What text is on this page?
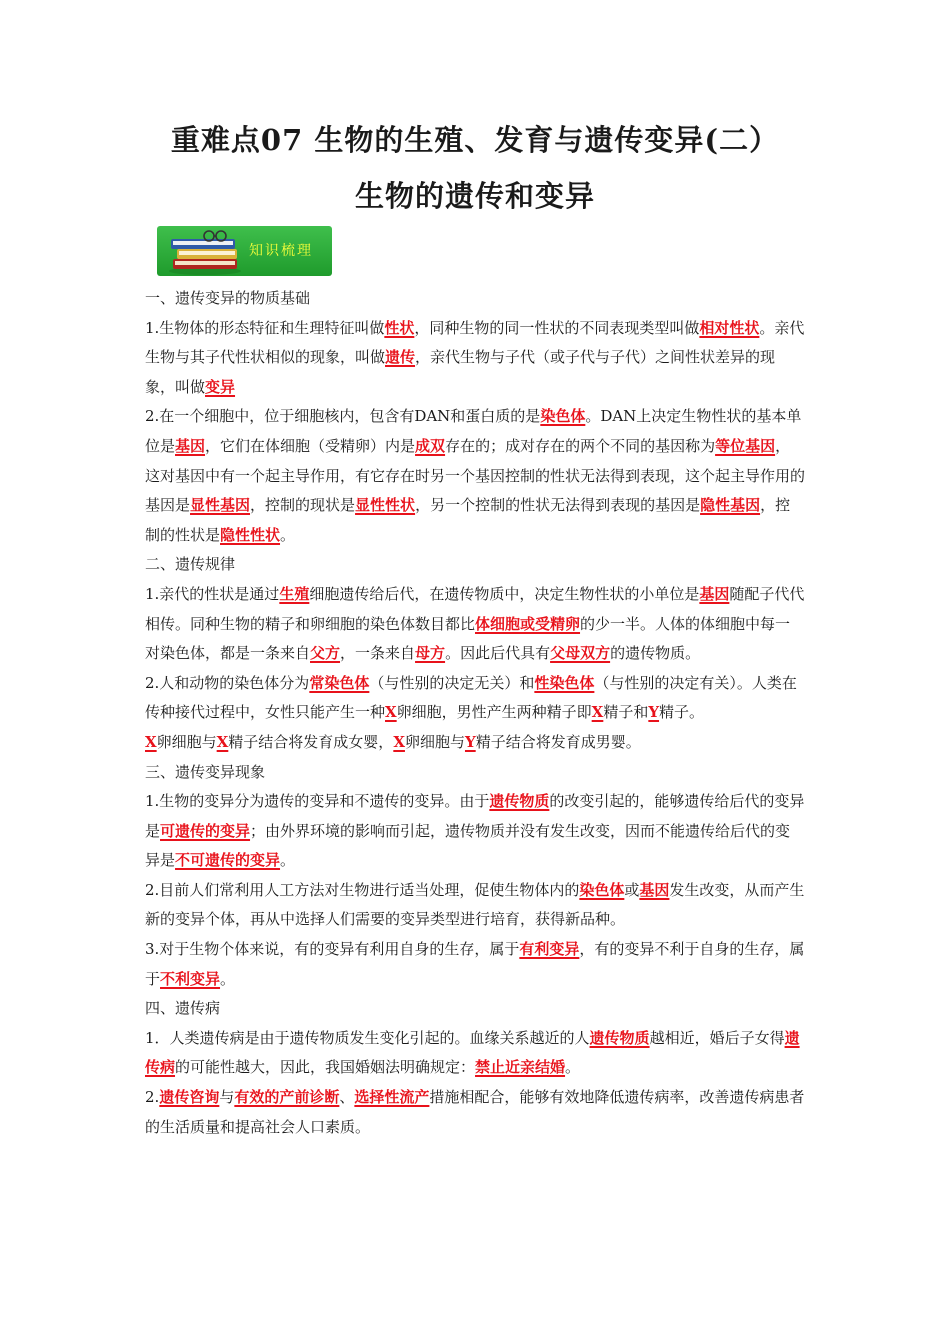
重难点07 生物的生殖、发育与遗传变异(二）
生物的遗传和变异
知识梳理

一、遗传变异的物质基础

1.生物体的形态特征和生理特征叫做性状，同种生物的同一性状的不同表现类型叫做相对性状。亲代生物与其子代性状相似的现象，叫做遗传，亲代生物与子代（或子代与子代）之间性状差异的现象，叫做变异

2.在一个细胞中，位于细胞核内，包含有DAN和蛋白质的是染色体。DAN上决定生物性状的基本单位是基因，它们在体细胞（受精卵）内是成双存在的；成对存在的两个不同的基因称为等位基因，这对基因中有一个起主导作用，有它存在时另一个基因控制的性状无法得到表现，这个起主导作用的基因是显性基因，控制的现状是显性性状，另一个控制的性状无法得到表现的基因是隐性基因，控制的性状是隐性性状。

二、遗传规律

1.亲代的性状是通过生殖细胞遗传给后代，在遗传物质中，决定生物性状的小单位是基因随配子代代相传。同种生物的精子和卵细胞的染色体数目都比体细胞或受精卵的少一半。人体的体细胞中每一对染色体，都是一条来自父方，一条来自母方。因此后代具有父母双方的遗传物质。

2.人和动物的染色体分为常染色体（与性别的决定无关）和性染色体（与性别的决定有关）。人类在传种接代过程中，女性只能产生一种X卵细胞，男性产生两种精子即X精子和Y精子。

X卵细胞与X精子结合将发育成女婴，X卵细胞与Y精子结合将发育成男婴。

三、遗传变异现象

1.生物的变异分为遗传的变异和不遗传的变异。由于遗传物质的改变引起的，能够遗传给后代的变异是可遗传的变异；由外界环境的影响而引起，遗传物质并没有发生改变，因而不能遗传给后代的变异是不可遗传的变异。

2.目前人们常利用人工方法对生物进行适当处理，促使生物体内的染色体或基因发生改变，从而产生新的变异个体，再从中选择人们需要的变异类型进行培育，获得新品种。

3.对于生物个体来说，有的变异有利用自身的生存，属于有利变异，有的变异不利于自身的生存，属于不利变异。

四、遗传病

1．人类遗传病是由于遗传物质发生变化引起的。血缘关系越近的人遗传物质越相近，婚后子女得遗传病的可能性越大，因此，我国婚姻法明确规定：禁止近亲结婚。

2.遗传咨询与有效的产前诊断、选择性流产措施相配合，能够有效地降低遗传病率，改善遗传病患者的生活质量和提高社会人口素质。
